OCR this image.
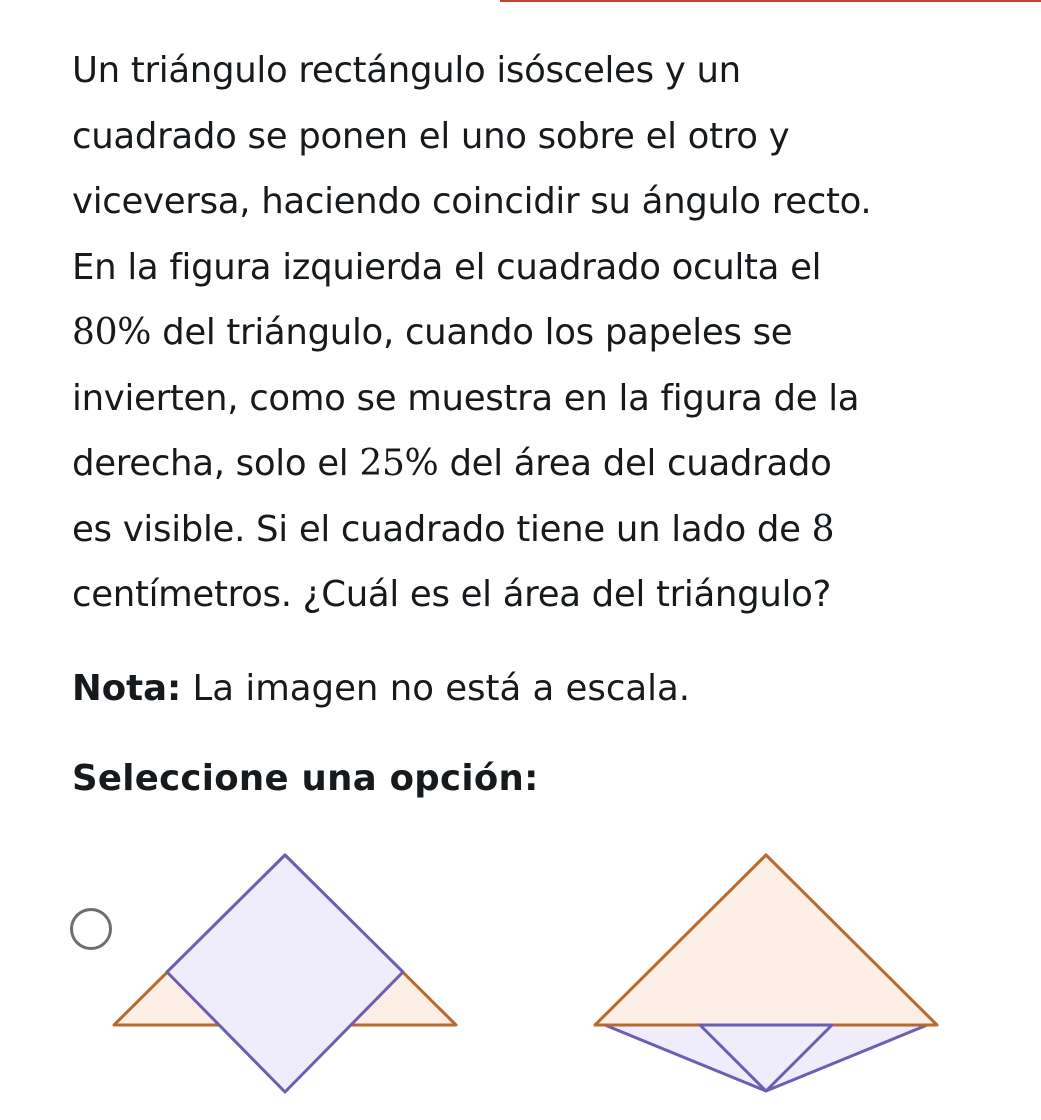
Un triángulo rectángulo isósceles y un
cuadrado se ponen el uno sobre el otro y
viceversa, haciendo coincidir su ángulo recto.
En la figura izquierda el cuadrado oculta el
80% del triángulo, cuando los papeles se
invierten, como se muestra en la figura de la
derecha, solo el 25% del área del cuadrado
es visible. Si el cuadrado tiene un lado de 8
centímetros. ¿Cuál es el área del triángulo?

Nota: La imagen no está a escala.

Seleccione una opción:
